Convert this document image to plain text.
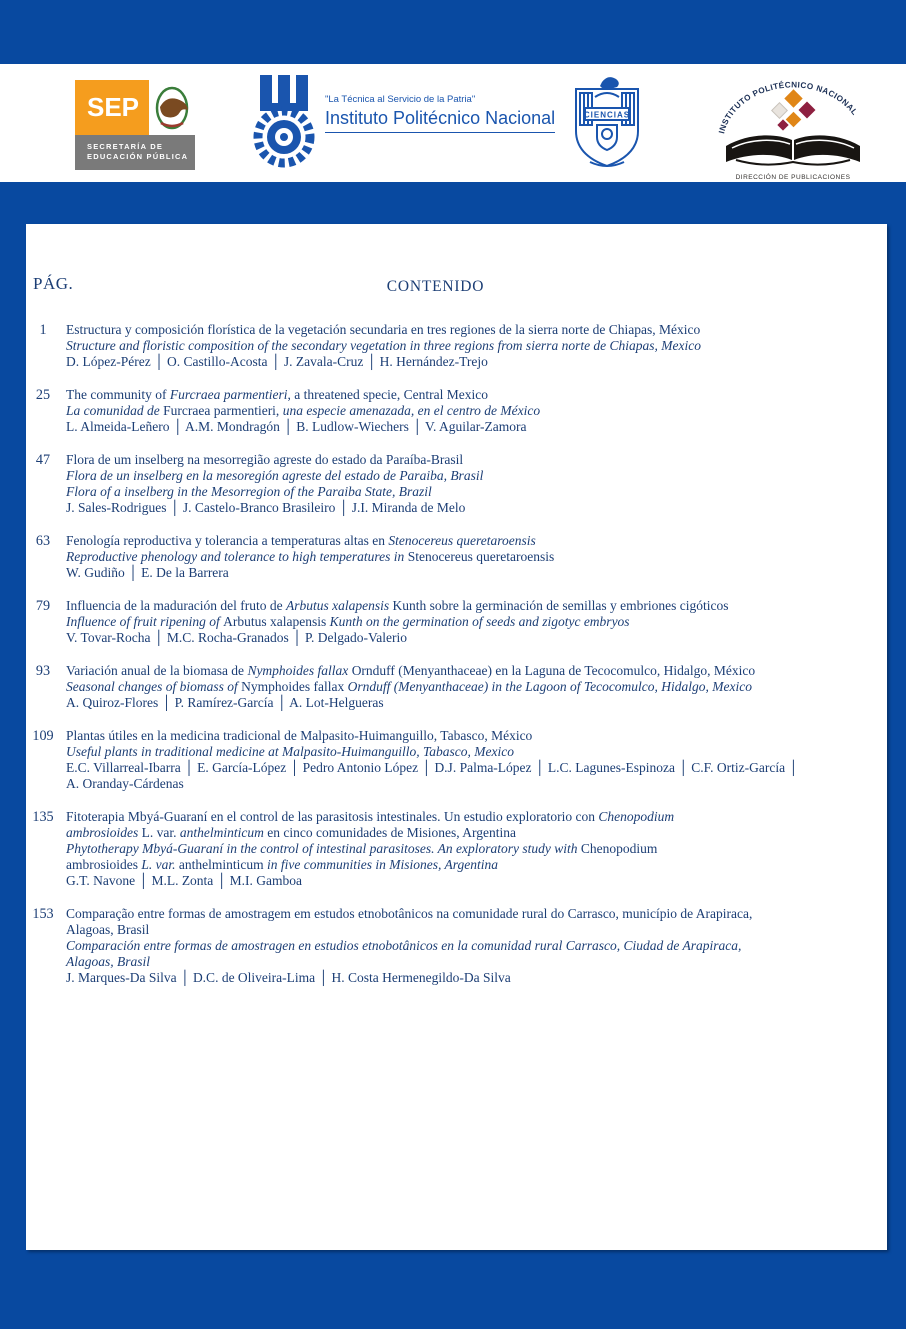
SEP
SECRETARÍA DE
EDUCACIÓN PÚBLICA
"La Técnica al Servicio de la Patria"
Instituto Politécnico Nacional	CIENCIAS
INSTITUTO POLITÉCNICO NACIONAL
DIRECCIÓN DE PUBLICACIONES
PÁG.	CONTENIDO
1	Estructura y composición florística de la vegetación secundaria en tres regiones de la sierra norte de Chiapas, México
Structure and floristic composition of the secondary vegetation in three regions from sierra norte de Chiapas, Mexico
D. López-Pérez │ O. Castillo-Acosta │ J. Zavala-Cruz │ H. Hernández-Trejo
25	The community of Furcraea parmentieri, a threatened specie, Central Mexico
La comunidad de Furcraea parmentieri, una especie amenazada, en el centro de México
L. Almeida-Leñero │ A.M. Mondragón │ B. Ludlow-Wiechers │ V. Aguilar-Zamora
47	Flora de um inselberg na mesorregião agreste do estado da Paraíba-Brasil
Flora de un inselberg en la mesoregión agreste del estado de Paraiba, Brasil
Flora of a inselberg in the Mesorregion of the Paraiba State, Brazil
J. Sales-Rodrigues │ J. Castelo-Branco Brasileiro │ J.I. Miranda de Melo
63	Fenología reproductiva y tolerancia a temperaturas altas en Stenocereus queretaroensis
Reproductive phenology and tolerance to high temperatures in Stenocereus queretaroensis
W. Gudiño │ E. De la Barrera
79	Influencia de la maduración del fruto de Arbutus xalapensis Kunth sobre la germinación de semillas y embriones cigóticos
Influence of fruit ripening of Arbutus xalapensis Kunth on the germination of seeds and zigotyc embryos
V. Tovar-Rocha │ M.C. Rocha-Granados │ P. Delgado-Valerio
93	Variación anual de la biomasa de Nymphoides fallax Ornduff (Menyanthaceae) en la Laguna de Tecocomulco, Hidalgo, México
Seasonal changes of biomass of Nymphoides fallax Ornduff (Menyanthaceae) in the Lagoon of Tecocomulco, Hidalgo, Mexico
A. Quiroz-Flores │ P. Ramírez-García │ A. Lot-Helgueras
109 Plantas útiles en la medicina tradicional de Malpasito-Huimanguillo, Tabasco, México
Useful plants in traditional medicine at Malpasito-Huimanguillo, Tabasco, Mexico
E.C. Villarreal-Ibarra │ E. García-López │ Pedro Antonio López │ D.J. Palma-López │ L.C. Lagunes-Espinoza │ C.F. Ortiz-García │
A. Oranday-Cárdenas
135 Fitoterapia Mbyá-Guaraní en el control de las parasitosis intestinales. Un estudio exploratorio con Chenopodium
ambrosioides L. var. anthelminticum en cinco comunidades de Misiones, Argentina
Phytotherapy Mbyá-Guaraní in the control of intestinal parasitoses. An exploratory study with Chenopodium
ambrosioides L. var. anthelminticum in five communities in Misiones, Argentina
G.T. Navone │ M.L. Zonta │ M.I. Gamboa
153 Comparação entre formas de amostragem em estudos etnobotânicos na comunidade rural do Carrasco, município de Arapiraca,
Alagoas, Brasil
Comparación entre formas de amostragen en estudios etnobotânicos en la comunidad rural Carrasco, Ciudad de Arapiraca,
Alagoas, Brasil
J. Marques-Da Silva │ D.C. de Oliveira-Lima │ H. Costa Hermenegildo-Da Silva
